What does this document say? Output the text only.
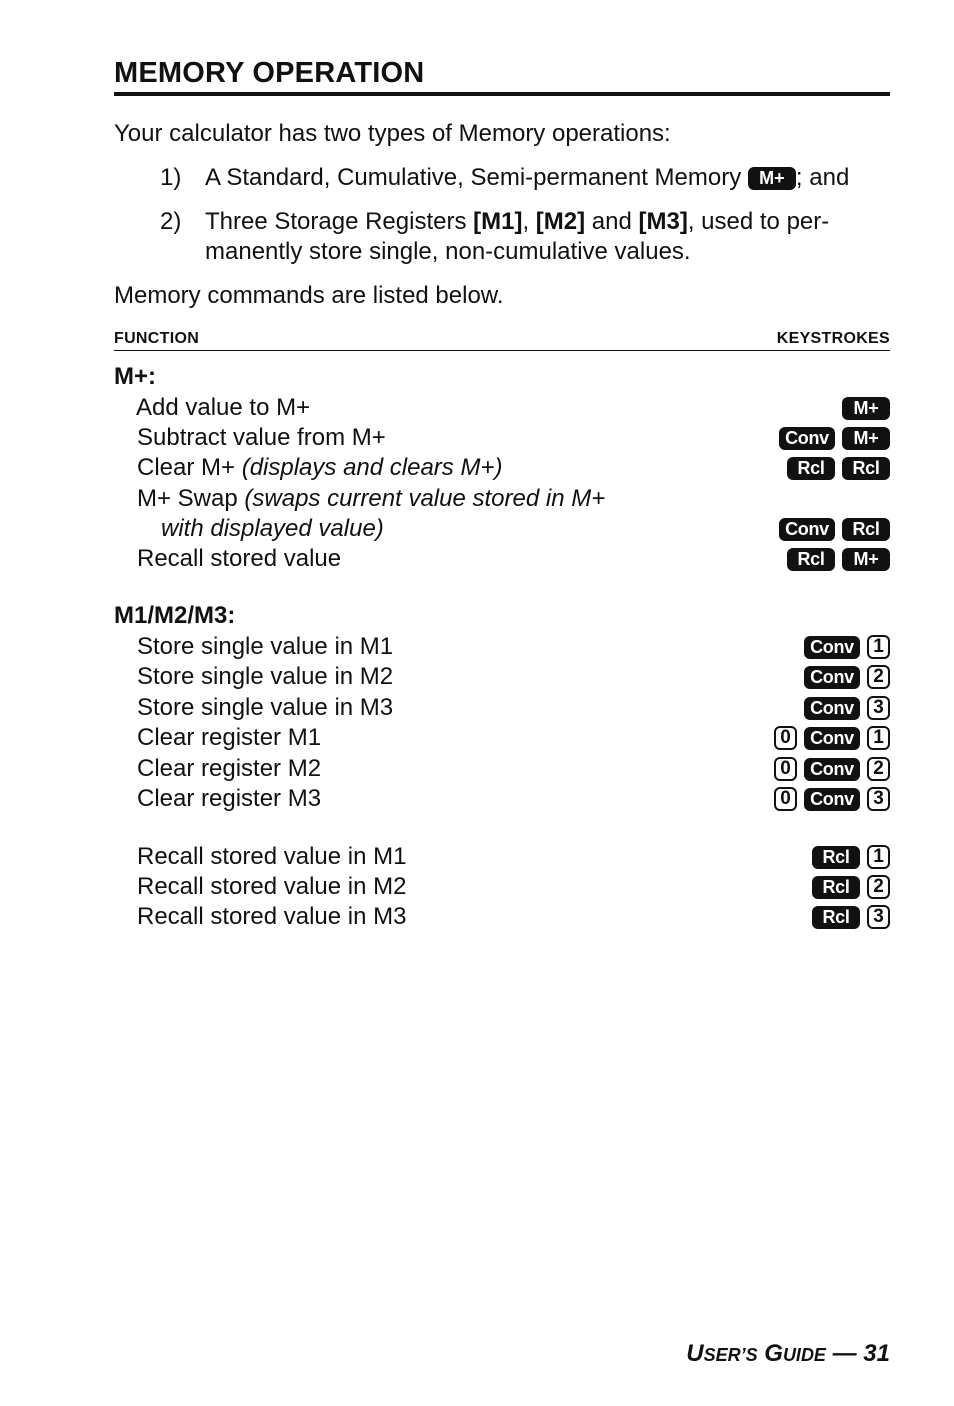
MEMORY OPERATION
Your calculator has two types of Memory operations:
1) A Standard, Cumulative, Semi-permanent Memory M+ ; and
2) Three Storage Registers [M1], [M2] and [M3], used to per-
manently store single, non-cumulative values.
Memory commands are listed below.
FUNCTION	KEYSTROKES
M+:
Add value to M+	M+
Subtract value from M+	Conv	M+
Clear M+ (displays and clears M+)	Rcl	Rcl
M+ Swap (swaps current value stored in M+
with displayed value)	Conv	Rcl
Recall stored value	Rcl	M+
M1/M2/M3:
Store single value in M1	Conv	1
Store single value in M2	Conv	2
Store single value in M3	Conv	3
Clear register M1	0	Conv	1
Clear register M2	0	Conv	2
Clear register M3	0	Conv	3
Recall stored value in M1	Rcl	1
Recall stored value in M2	Rcl	2
Recall stored value in M3	Rcl	3
USER’S GUIDE — 31
